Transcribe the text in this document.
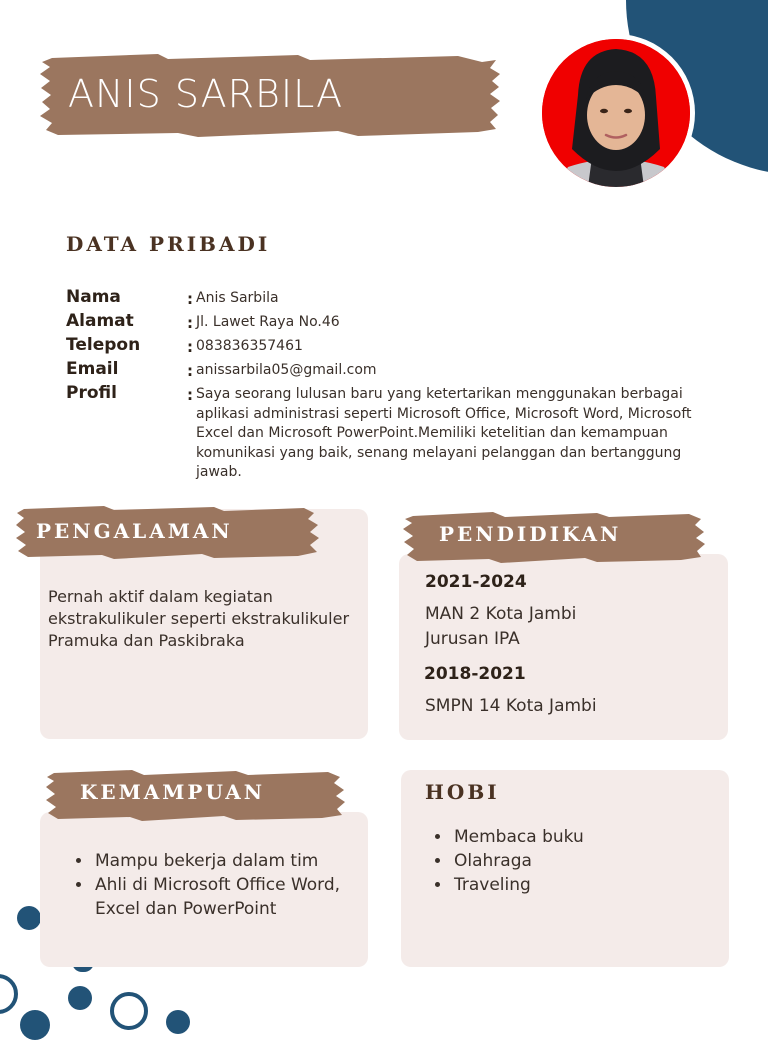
ANIS SARBILA
DATA PRIBADI
Nama	: Anis Sarbila
Alamat	: Jl. Lawet Raya No.46
Telepon	: 083836357461
Email	: anissarbila05@gmail.com
Profil	: Saya seorang lulusan baru yang ketertarikan menggunakan berbagai aplikasi administrasi seperti Microsoft Office, Microsoft Word, Microsoft Excel dan Microsoft PowerPoint.Memiliki ketelitian dan kemampuan komunikasi yang baik, senang melayani pelanggan dan bertanggung jawab.
PENGALAMAN
Pernah aktif dalam kegiatan ekstrakulikuler seperti ekstrakulikuler Pramuka dan Paskibraka
PENDIDIKAN
2021-2024
MAN 2 Kota Jambi
Jurusan IPA
2018-2021
SMPN 14 Kota Jambi
KEMAMPUAN
• Mampu bekerja dalam tim
• Ahli di Microsoft Office Word, Excel dan PowerPoint
HOBI
• Membaca buku
• Olahraga
• Traveling
